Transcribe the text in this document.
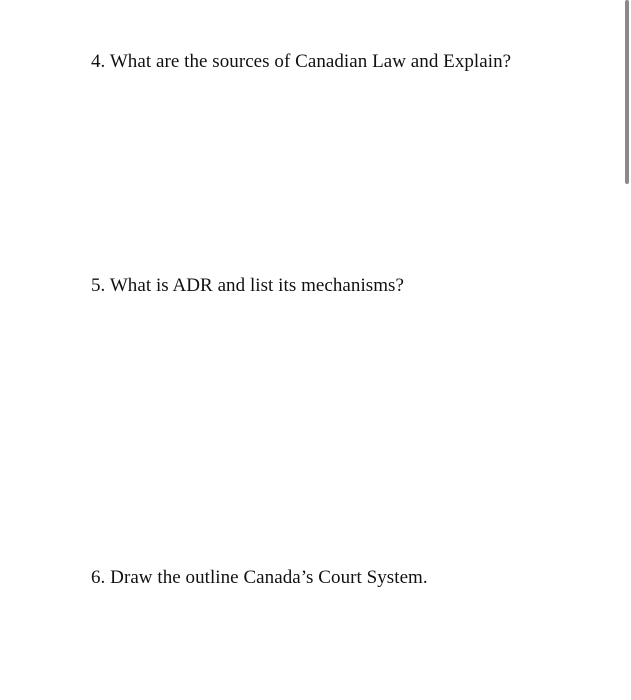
4. What are the sources of Canadian Law and Explain?
5. What is ADR and list its mechanisms?
6. Draw the outline Canada’s Court System.
